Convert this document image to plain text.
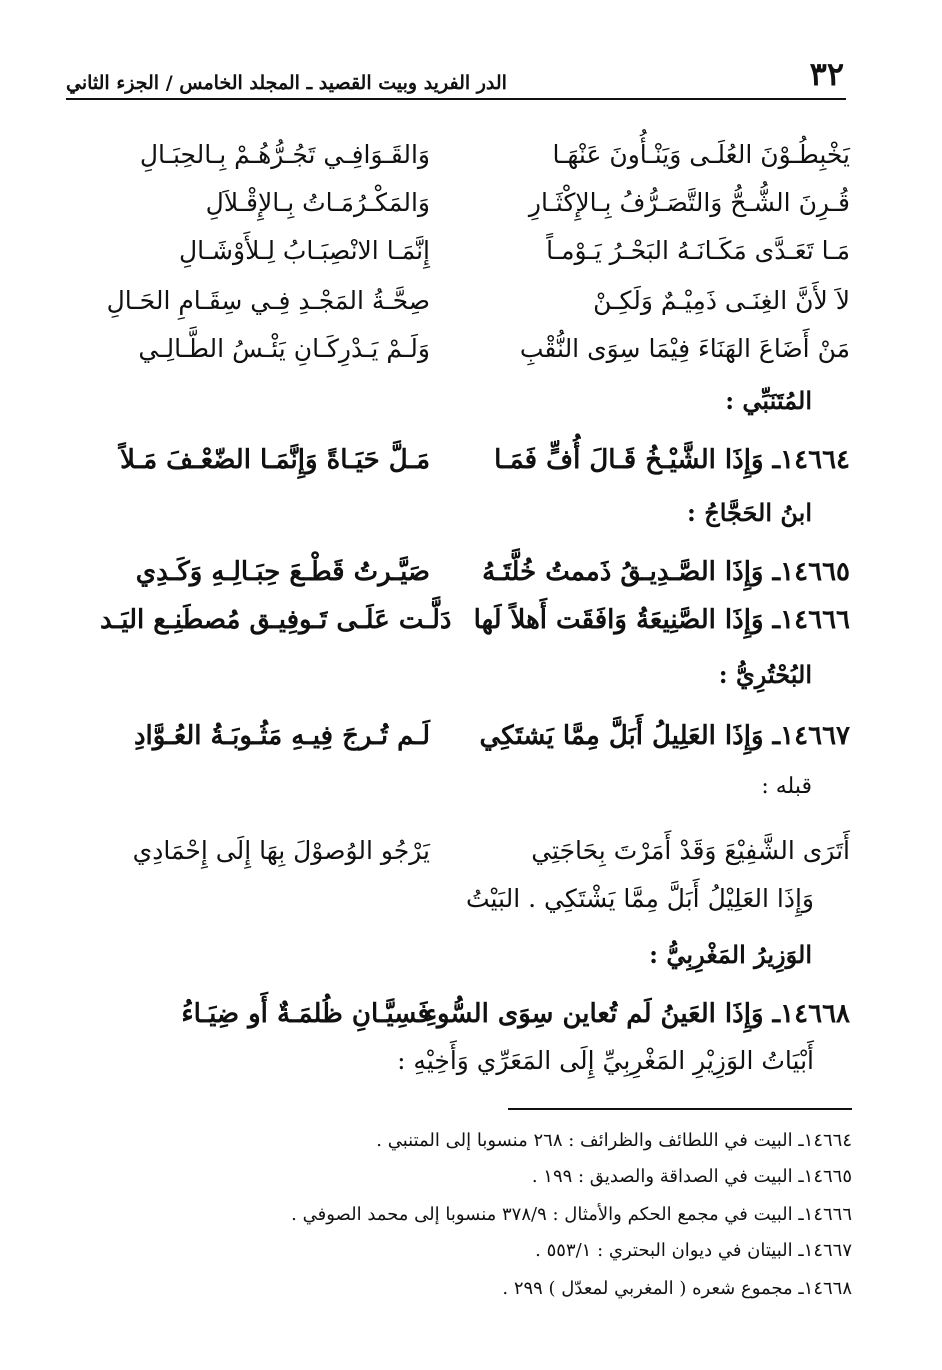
٣٢
الدر الفريد وبيت القصيد ـ المجلد الخامس / الجزء الثاني
يَخْبِطُـوْنَ العُلَـى وَيَنْـأُونَ عَنْهَـا
وَالقَـوَافِـي تَجُـرُّهُـمْ بِـالحِبَـالِ
قُـرِنَ الشُّـحُّ وَالتَّصَـرُّفُ بِـالإِكْثَـارِ
وَالمَكْـرُمَـاتُ بِـالإِقْـلاَلِ
مَـا تَعَـدَّى مَكَـانَـهُ البَحْـرُ يَـوْمـاً
إِنَّمَـا الانْصِبَـابُ لِـلأَوْشَـالِ
لاَ لأَنَّ الغِنَـى ذَمِيْـمٌ وَلَكِـنْ
صِحَّـةُ المَجْـدِ فِـي سِقَـامِ الحَـالِ
مَنْ أَضَاعَ الهَنَاءَ فِيْمَا سِوَى النُّقْبِ
وَلَـمْ يَـدْرِكَـانِ يَئْـسُ الطَّـالِـي
المُتَنَبِّي :
١٤٦٦٤ـ وَإِذَا الشَّيْـخُ قَـالَ أُفٍّ فَمَـا
مَـلَّ حَيَـاةً وَإِنَّمَـا الضّعْـفَ مَـلاً
ابنُ الحَجَّاجُ :
١٤٦٦٥ـ وَإِذَا الصَّـدِيـقُ ذَممتُ خُلَّتَـهُ
صَيَّـرتُ قَطْـعَ حِبَـالِـهِ وَكَـدِي
١٤٦٦٦ـ وَإِذَا الصَّنِيعَةُ وَافَقَت أَهلاً لَها
دَلَّـت عَلَـى تَـوفِيـق مُصطَنِـع اليَـد
البُحْتُرِيُّ :
١٤٦٦٧ـ وَإِذَا العَلِيلُ أَبَلَّ مِمَّا يَشتَكِي
لَـم تُـرجَ فِيـهِ مَثُـوبَـةُ العُـوَّادِ
قبله :
أَتَرَى الشَّفِيْعَ وَقَدْ أَمَرْتَ بِحَاجَتِي
يَرْجُو الوُصوْلَ بِهَا إِلَى إِحْمَادِي
وَإِذَا العَلِيْلُ أَبَلَّ مِمَّا يَشْتَكِي . البَيْتُ
الوَزِيرُ المَغْرِبِيُّ :
١٤٦٦٨ـ وَإِذَا العَينُ لَم تُعاين سِوَى السُّوءِ
فَسِيَّـانِ ظُلمَـةٌ أَو ضِيَـاءُ
أَبْيَاتُ الوَزِيْرِ المَغْرِبِيِّ إِلَى المَعَرِّي وَأَخِيْهِ :
١٤٦٦٤ـ البيت في اللطائف والظرائف : ٢٦٨ منسوبا إلى المتنبي .
١٤٦٦٥ـ البيت في الصداقة والصديق : ١٩٩ .
١٤٦٦٦ـ البيت في مجمع الحكم والأمثال : ٣٧٨/٩ منسوبا إلى محمد الصوفي .
١٤٦٦٧ـ البيتان في ديوان البحتري : ٥٥٣/١ .
١٤٦٦٨ـ مجموع شعره ( المغربي لمعدّل ) ٢٩٩ .
